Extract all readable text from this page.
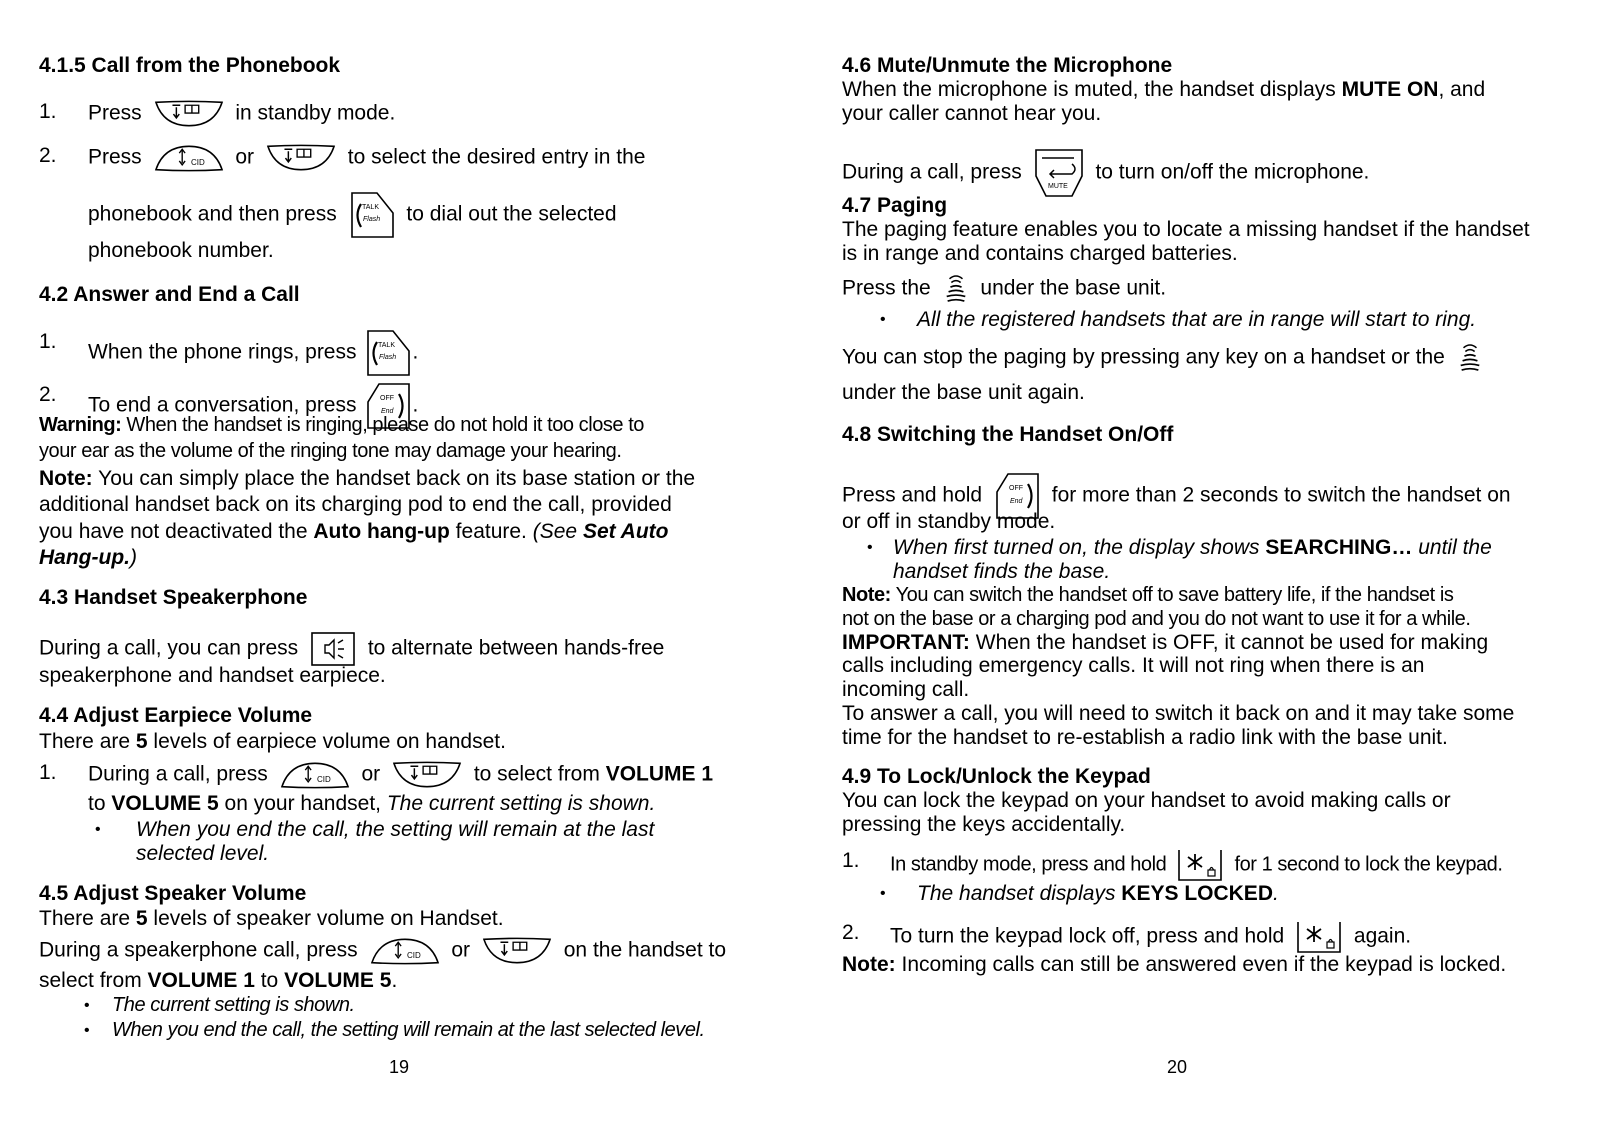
4.1.5 Call from the Phonebook
1. Press	in standby mode.
2. Press	CID or	to select the desired entry in the
phonebook and then press	TALK
Flash to dial out the selected
phonebook number.
4.2 Answer and End a Call
1. When the phone rings, press	TALK
Flash .
2. To end a conversation, press	OFF
End .
Warning: When the handset is ringing, please do not hold it too close to
your ear as the volume of the ringing tone may damage your hearing.
Note: You can simply place the handset back on its base station or the
additional handset back on its charging pod to end the call, provided
you have not deactivated the Auto hang-up feature. (See Set Auto
Hang-up.)
4.3 Handset Speakerphone
During a call, you can press	to alternate between hands-free
speakerphone and handset earpiece.
4.4 Adjust Earpiece Volume
There are 5 levels of earpiece volume on handset.
1. During a call, press	CID or	to select from VOLUME 1
to VOLUME 5 on your handset, The current setting is shown.
• When you end the call, the setting will remain at the last
selected level.
4.5 Adjust Speaker Volume
There are 5 levels of speaker volume on Handset.
During a speakerphone call, press	CID or	on the handset to
select from VOLUME 1 to VOLUME 5.
• The current setting is shown.
• When you end the call, the setting will remain at the last selected level.
19
4.6 Mute/Unmute the Microphone
When the microphone is muted, the handset displays MUTE ON, and
your caller cannot hear you.
During a call, press
MUTE
to turn on/off the microphone.
4.7 Paging
The paging feature enables you to locate a missing handset if the handset
is in range and contains charged batteries.
Press the under the base unit.
• All the registered handsets that are in range will start to ring.
You can stop the paging by pressing any key on a handset or the
under the base unit again.
4.8 Switching the Handset On/Off
Press and hold	OFF
End for more than 2 seconds to switch the handset on
or off in standby mode.
• When first turned on, the display shows SEARCHING… until the
handset finds the base.
Note: You can switch the handset off to save battery life, if the handset is
not on the base or a charging pod and you do not want to use it for a while.
IMPORTANT: When the handset is OFF, it cannot be used for making
calls including emergency calls. It will not ring when there is an
incoming call.
To answer a call, you will need to switch it back on and it may take some
time for the handset to re-establish a radio link with the base unit.
4.9 To Lock/Unlock the Keypad
You can lock the keypad on your handset to avoid making calls or
pressing the keys accidentally.
1. In standby mode, press and hold	for 1 second to lock the keypad.
• The handset displays KEYS LOCKED.
2. To turn the keypad lock off, press and hold	again.
Note: Incoming calls can still be answered even if the keypad is locked.
20
